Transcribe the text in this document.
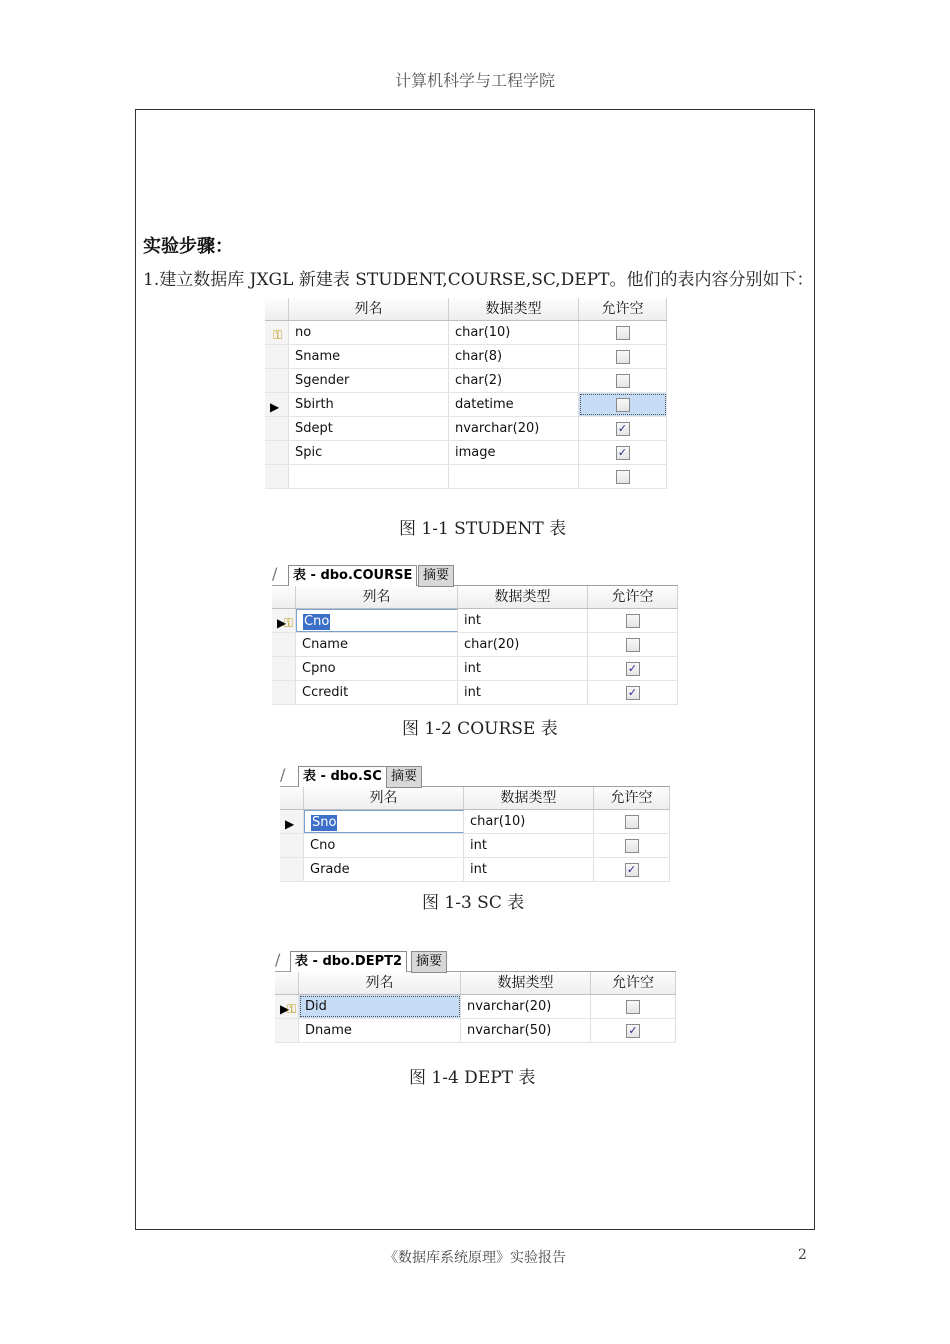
计算机科学与工程学院
实验步骤：
1.建立数据库 JXGL 新建表 STUDENT,COURSE,SC,DEPT。他们的表内容分别如下：
列名	数据类型	允许空
⚿ no	char(10)
Sname	char(8)
Sgender	char(2)
▶	Sbirth	datetime
Sdept	nvarchar(20)	✓
Spic	image	✓
图 1-1 STUDENT 表
/	表 - dbo.COURSE 摘要
列名	数据类型	允许空
▶
⚿ Cno	int
Cname	char(20)
Cpno	int	✓
Ccredit	int	✓
图 1-2 COURSE 表
/	表 - dbo.SC 摘要
列名	数据类型	允许空
▶	Sno	char(10)
Cno	int
Grade	int	✓
图 1-3 SC 表
/	表 - dbo.DEPT2	摘要
列名	数据类型	允许空
▶
⚿ Did	nvarchar(20)
Dname	nvarchar(50)	✓
图 1-4 DEPT 表
《数据库系统原理》实验报告	2
